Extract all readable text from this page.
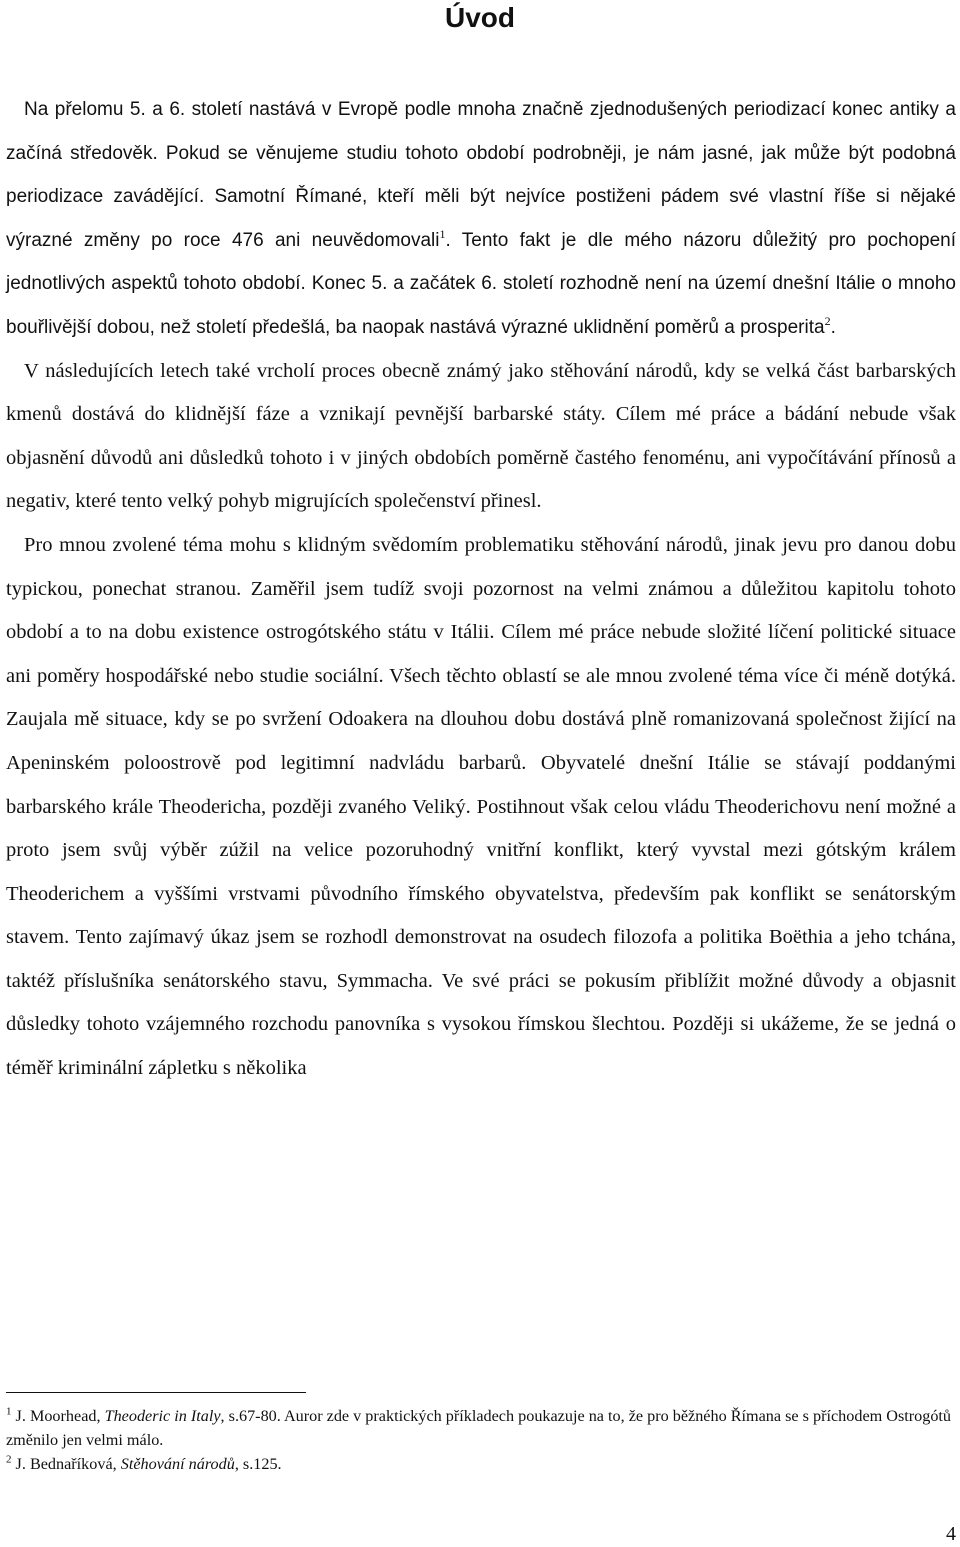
Úvod

Na přelomu 5. a 6. století nastává v Evropě podle mnoha značně zjednodušených periodizací konec antiky a začíná středověk. Pokud se věnujeme studiu tohoto období podrobněji, je nám jasné, jak může být podobná periodizace zavádějící. Samotní Římané, kteří měli být nejvíce postiženi pádem své vlastní říše si nějaké výrazné změny po roce 476 ani neuvědomovali$^1$. Tento fakt je dle mého názoru důležitý pro pochopení jednotlivých aspektů tohoto období. Konec 5. a začátek 6. století rozhodně není na území dnešní Itálie o mnoho bouřlivější dobou, než století předešlá, ba naopak nastává výrazné uklidnění poměrů a prosperita$^2$.

V následujících letech také vrcholí proces obecně známý jako stěhování národů, kdy se velká část barbarských kmenů dostává do klidnější fáze a vznikají pevnější barbarské státy. Cílem mé práce a bádání nebude však objasnění důvodů ani důsledků tohoto i v jiných obdobích poměrně častého fenoménu, ani vypočítávání přínosů a negativ, které tento velký pohyb migrujících společenství přinesl.

Pro mnou zvolené téma mohu s klidným svědomím problematiku stěhování národů, jinak jevu pro danou dobu typickou, ponechat stranou. Zaměřil jsem tudíž svoji pozornost na velmi známou a důležitou kapitolu tohoto období a to na dobu existence ostrogótského státu v Itálii. Cílem mé práce nebude složité líčení politické situace ani poměry hospodářské nebo studie sociální. Všech těchto oblastí se ale mnou zvolené téma více či méně dotýká. Zaujala mě situace, kdy se po svržení Odoakera na dlouhou dobu dostává plně romanizovaná společnost žijící na Apeninském poloostrově pod legitimní nadvládu barbarů. Obyvatelé dnešní Itálie se stávají poddanými barbarského krále Theodericha, později zvaného Veliký. Postihnout však celou vládu Theoderichovu není možné a proto jsem svůj výběr zúžil na velice pozoruhodný vnitřní konflikt, který vyvstal mezi gótským králem Theoderichem a vyššími vrstvami původního římského obyvatelstva, především pak konflikt se senátorským stavem. Tento zajímavý úkaz jsem se rozhodl demonstrovat na osudech filozofa a politika Boëthia a jeho tchána, taktéž příslušníka senátorského stavu, Symmacha. Ve své práci se pokusím přiblížit možné důvody a objasnit důsledky tohoto vzájemného rozchodu panovníka s vysokou římskou šlechtou. Později si ukážeme, že se jedná o téměř kriminální zápletku s několika

$^1$ J. Moorhead, Theoderic in Italy, s.67-80. Auror zde v praktických příkladech poukazuje na to, že pro běžného Římana se s příchodem Ostrogótů změnilo jen velmi málo.

$^2$ J. Bednaříková, Stěhování národů, s.125.

4
